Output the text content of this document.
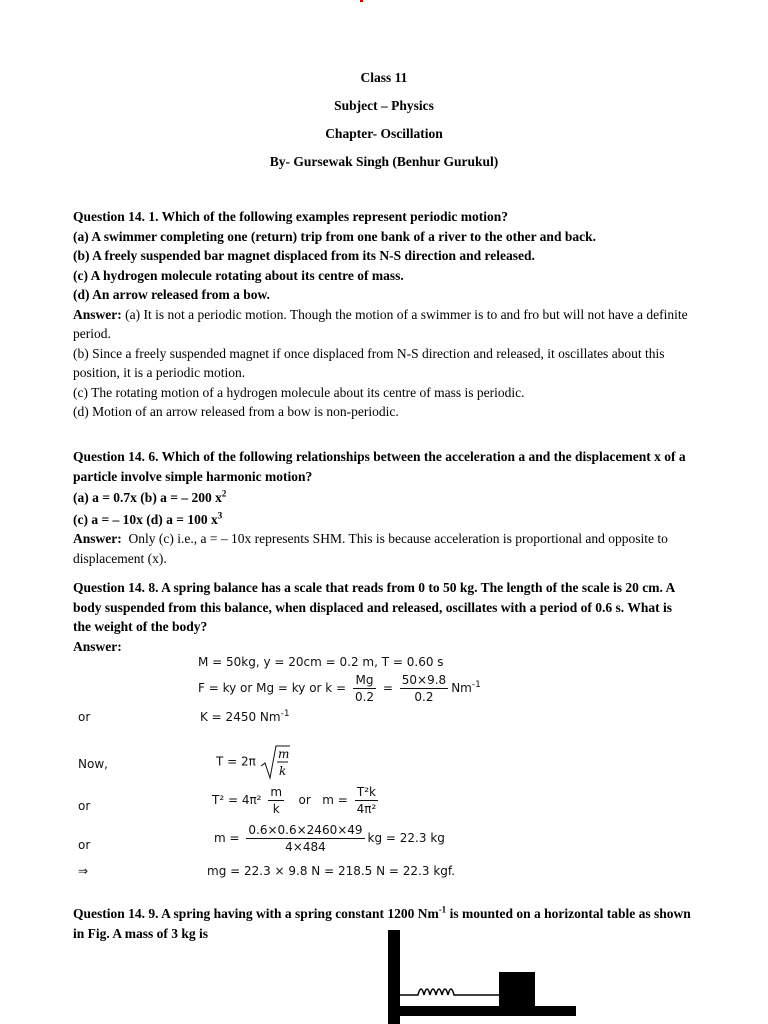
Class 11
Subject – Physics
Chapter- Oscillation
By- Gursewak Singh (Benhur Gurukul)

Question 14. 1. Which of the following examples represent periodic motion?

(a) A swimmer completing one (return) trip from one bank of a river to the other and back.

(b) A freely suspended bar magnet displaced from its N-S direction and released.

(c) A hydrogen molecule rotating about its centre of mass.

(d) An arrow released from a bow.

Answer: (a) It is not a periodic motion. Though the motion of a swimmer is to and fro but will not have a definite period.

(b) Since a freely suspended magnet if once displaced from N-S direction and released, it oscillates about this position, it is a periodic motion.

(c) The rotating motion of a hydrogen molecule about its centre of mass is periodic.

(d) Motion of an arrow released from a bow is non-periodic.

Question 14. 6. Which of the following relationships between the acceleration a and the displacement x of a particle involve simple harmonic motion?

(a) a = 0.7x (b) a = – 200 $x^2$

(c) a = – 10x (d) a = 100 $x^3$

Answer: Only (c) i.e., a = – 10x represents SHM. This is because acceleration is proportional and opposite to displacement (x).

Question 14. 8. A spring balance has a scale that reads from 0 to 50 kg. The length of the scale is 20 cm. A body suspended from this balance, when displaced and released, oscillates with a period of 0.6 s. What is the weight of the body?

Answer:

M = 50kg, y = 20cm = 0.2 m, T = 0.60 s
F = ky or Mg = ky or $k = \frac{Mg}{0.2} = \frac{50\times 9.8}{0.2} Nm^{-1}$
or	K = 2450 $Nm^{-1}$
Now,	T = 2π
m
k
or	$T^2 = 4\pi^2 \frac{m}{k}$ or $m = \frac{\text{T²k}}{\text{4π²}}$
or	$m = \frac{0.6\times 0.6\times 2460\times 49}{4\times 484}$ kg = 22.3 kg
⇒	mg = 22.3 × 9.8 N = 218.5 N = 22.3 kgf.

Question 14. 9. A spring having with a spring constant 1200 $Nm^{-1}$ is mounted on a horizontal table as shown in Fig. A mass of 3 kg is
